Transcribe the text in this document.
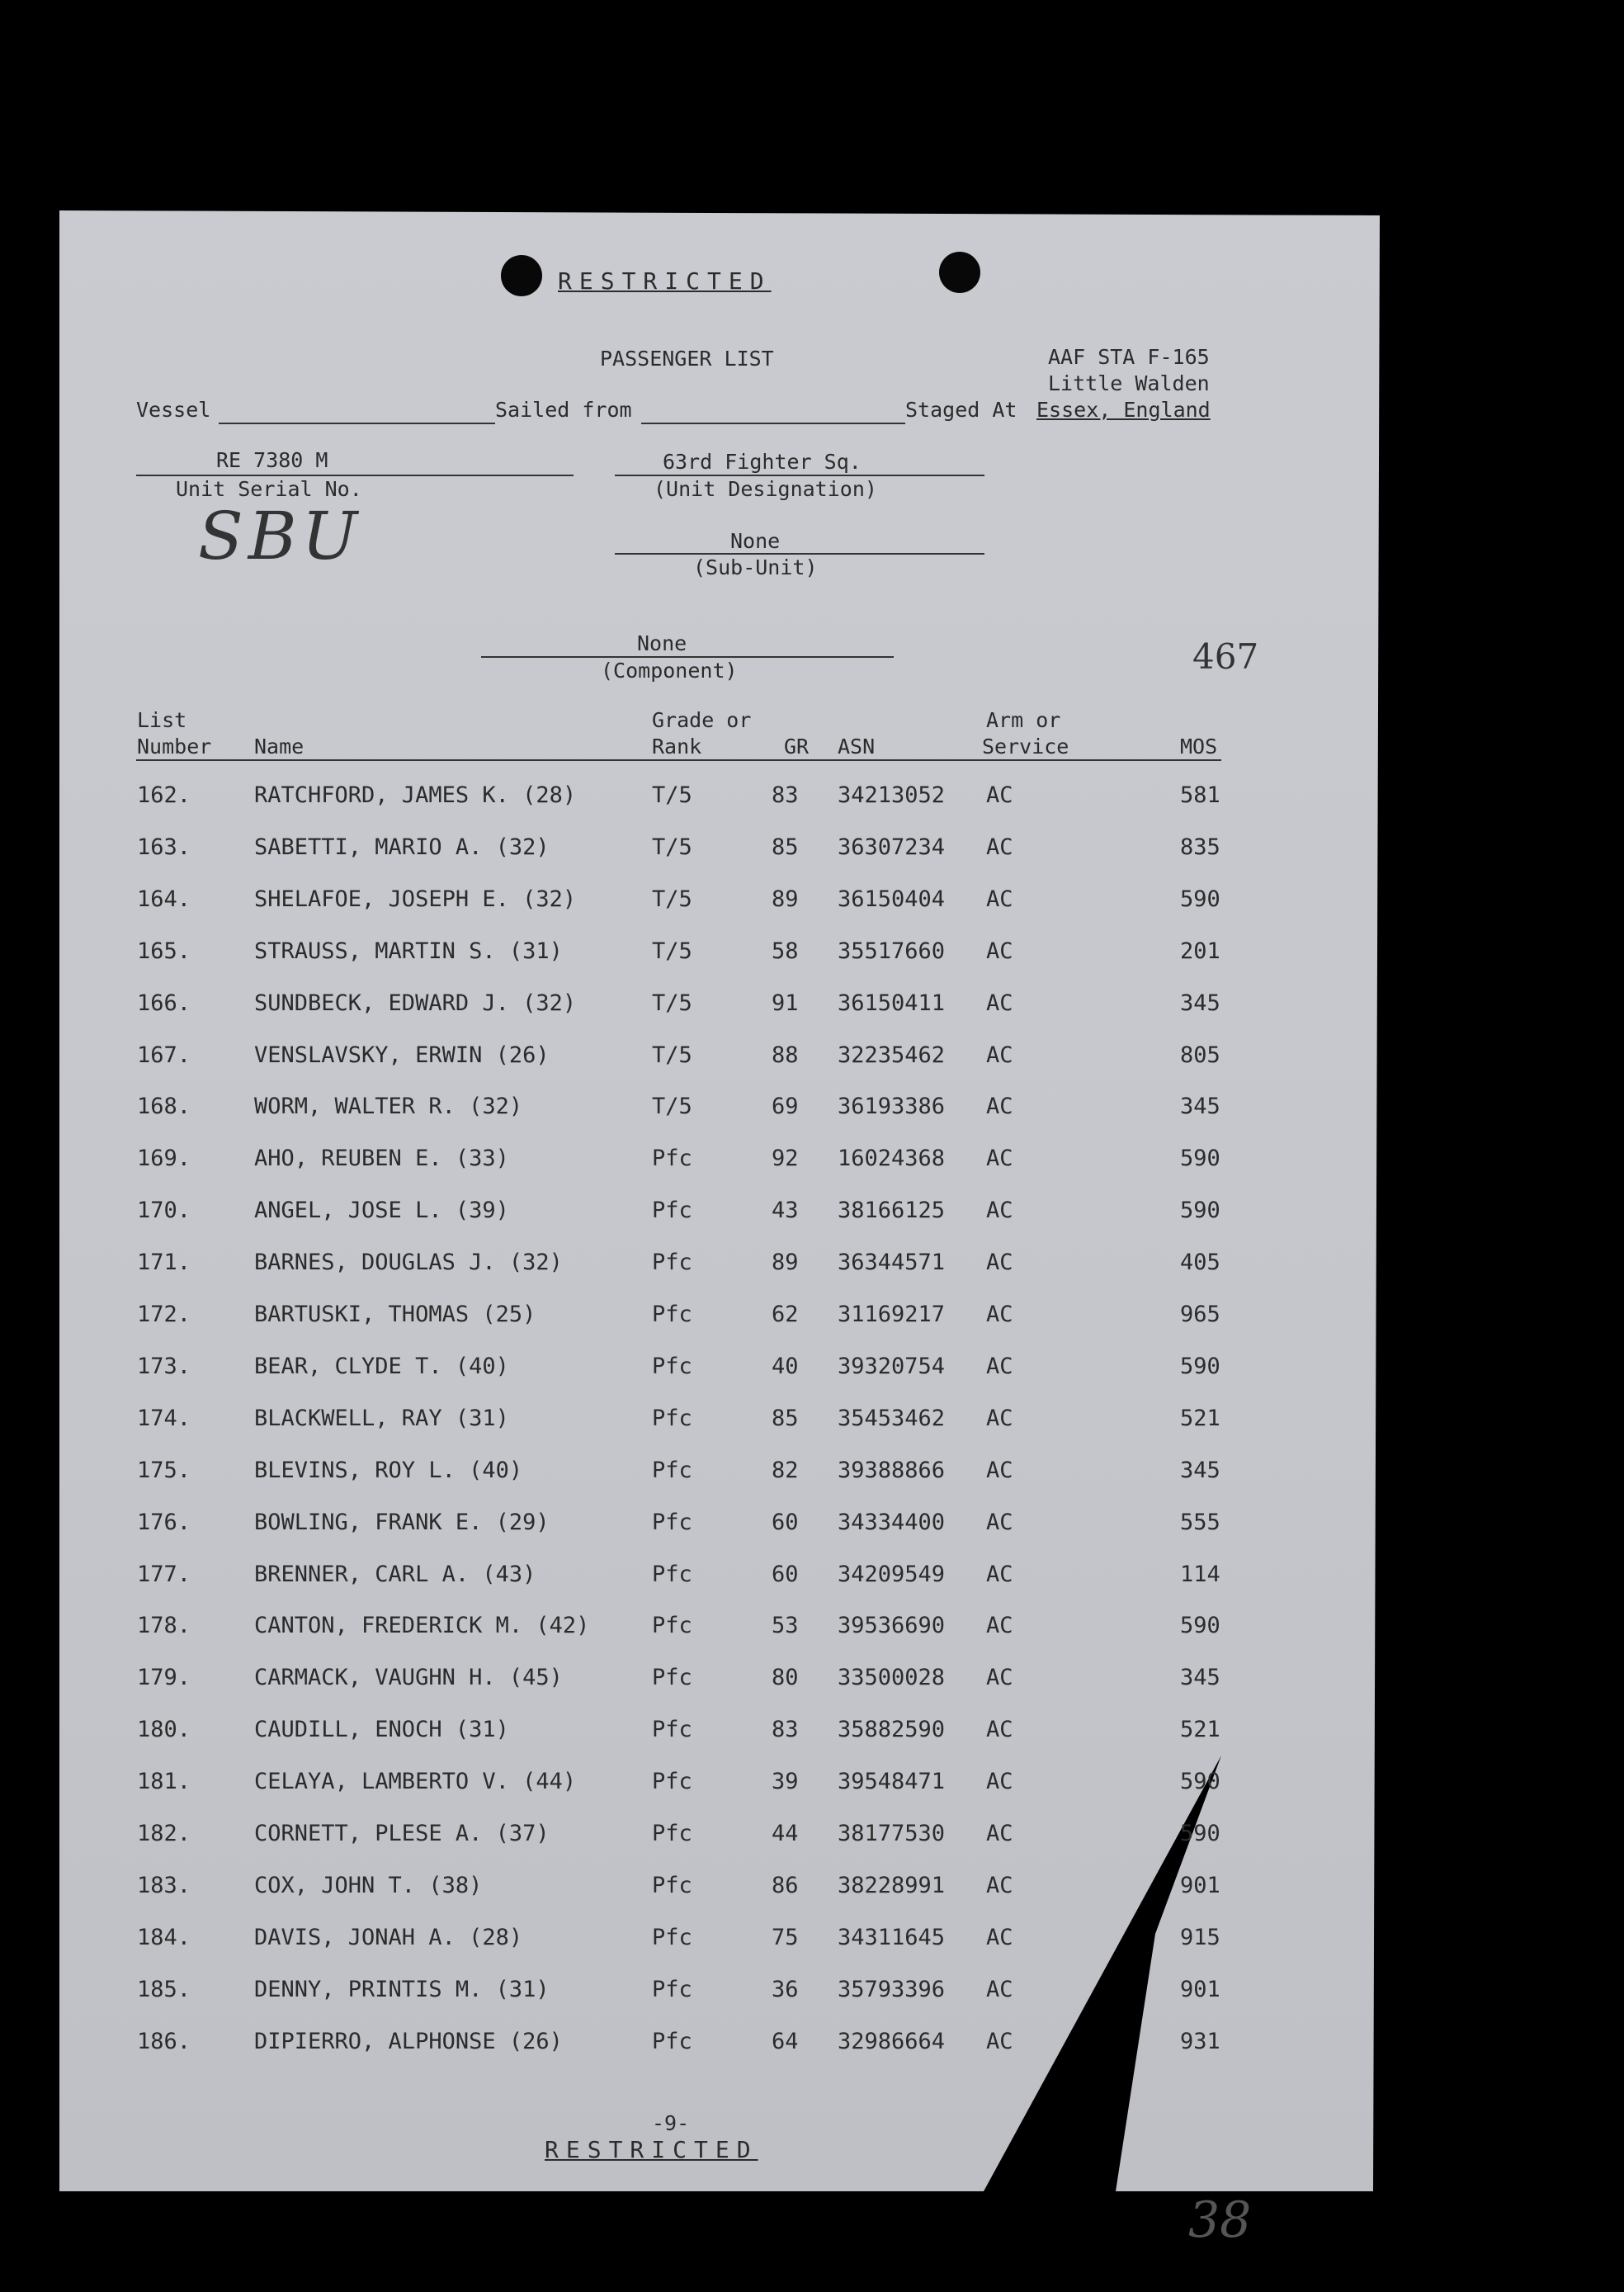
RESTRICTED
PASSENGER LIST	AAF STA F-165
Little Walden
Vessel	Sailed from	Staged At Essex, England
RE 7380 M
Unit Serial No.
63rd Fighter Sq.
(Unit Designation)
SBU	None
(Sub-Unit)
None
(Component)	467
List
Number Name
Grade or
Rank	GR ASN
Arm or
Service	MOS
162.	RATCHFORD, JAMES K. (28)	T/5	83 34213052 AC	581
163.	SABETTI, MARIO A. (32)	T/5	85 36307234 AC	835
164.	SHELAFOE, JOSEPH E. (32)	T/5	89 36150404 AC	590
165.	STRAUSS, MARTIN S. (31)	T/5	58 35517660 AC	201
166.	SUNDBECK, EDWARD J. (32)	T/5	91 36150411 AC	345
167.	VENSLAVSKY, ERWIN (26)	T/5	88 32235462 AC	805
168.	WORM, WALTER R. (32)	T/5	69 36193386 AC	345
169.	AHO, REUBEN E. (33)	Pfc	92 16024368 AC	590
170.	ANGEL, JOSE L. (39)	Pfc	43 38166125 AC	590
171.	BARNES, DOUGLAS J. (32)	Pfc	89 36344571 AC	405
172.	BARTUSKI, THOMAS (25)	Pfc	62 31169217 AC	965
173.	BEAR, CLYDE T. (40)	Pfc	40 39320754 AC	590
174.	BLACKWELL, RAY (31)	Pfc	85 35453462 AC	521
175.	BLEVINS, ROY L. (40)	Pfc	82 39388866 AC	345
176.	BOWLING, FRANK E. (29)	Pfc	60 34334400 AC	555
177.	BRENNER, CARL A. (43)	Pfc	60 34209549 AC	114
178.	CANTON, FREDERICK M. (42)	Pfc	53 39536690 AC	590
179.	CARMACK, VAUGHN H. (45)	Pfc	80 33500028 AC	345
180.	CAUDILL, ENOCH (31)	Pfc	83 35882590 AC	521
181.	CELAYA, LAMBERTO V. (44)	Pfc	39 39548471 AC	590
182.	CORNETT, PLESE A. (37)	Pfc	44 38177530 AC	590
183.	COX, JOHN T. (38)	Pfc	86 38228991 AC	901
184.	DAVIS, JONAH A. (28)	Pfc	75 34311645 AC	915
185.	DENNY, PRINTIS M. (31)	Pfc	36 35793396 AC	901
186.	DIPIERRO, ALPHONSE (26)	Pfc	64 32986664 AC	931
-9-
RESTRICTED
38
